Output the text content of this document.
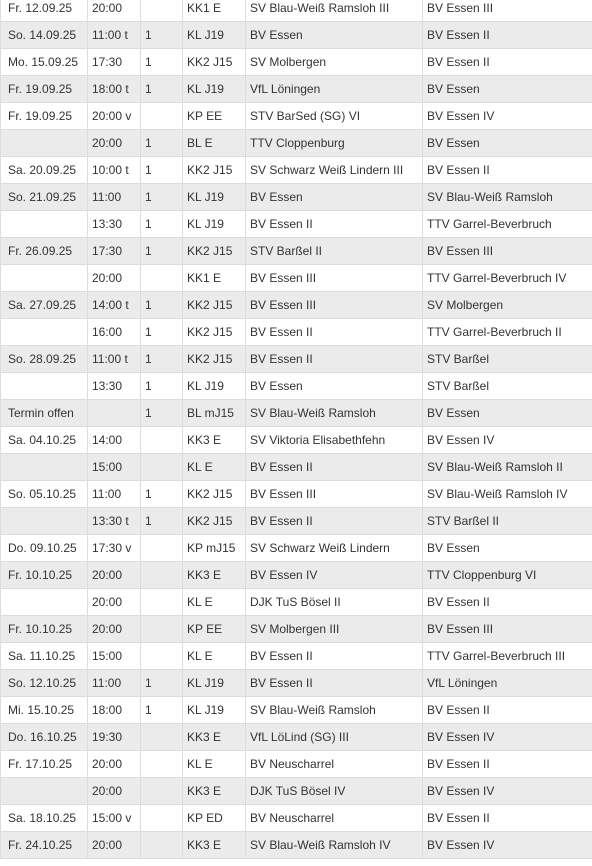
Fr. 12.09.25	20:00		KK1 E	SV Blau-Weiß Ramsloh III	BV Essen III
So. 14.09.25	11:00 t	1	KL J19	BV Essen	BV Essen II
Mo. 15.09.25	17:30	1	KK2 J15	SV Molbergen	BV Essen II
Fr. 19.09.25	18:00 t	1	KL J19	VfL Löningen	BV Essen
Fr. 19.09.25	20:00 v		KP EE	STV BarSed (SG) VI	BV Essen IV
	20:00	1	BL E	TTV Cloppenburg	BV Essen
Sa. 20.09.25	10:00 t	1	KK2 J15	SV Schwarz Weiß Lindern III	BV Essen II
So. 21.09.25	11:00	1	KL J19	BV Essen	SV Blau-Weiß Ramsloh
	13:30	1	KL J19	BV Essen II	TTV Garrel-Beverbruch
Fr. 26.09.25	17:30	1	KK2 J15	STV Barßel II	BV Essen III
	20:00		KK1 E	BV Essen III	TTV Garrel-Beverbruch IV
Sa. 27.09.25	14:00 t	1	KK2 J15	BV Essen III	SV Molbergen
	16:00	1	KK2 J15	BV Essen II	TTV Garrel-Beverbruch II
So. 28.09.25	11:00 t	1	KK2 J15	BV Essen II	STV Barßel
	13:30	1	KL J19	BV Essen	STV Barßel
Termin offen		1	BL mJ15	SV Blau-Weiß Ramsloh	BV Essen
Sa. 04.10.25	14:00		KK3 E	SV Viktoria Elisabethfehn	BV Essen IV
	15:00		KL E	BV Essen II	SV Blau-Weiß Ramsloh II
So. 05.10.25	11:00	1	KK2 J15	BV Essen III	SV Blau-Weiß Ramsloh IV
	13:30 t	1	KK2 J15	BV Essen II	STV Barßel II
Do. 09.10.25	17:30 v		KP mJ15	SV Schwarz Weiß Lindern	BV Essen
Fr. 10.10.25	20:00		KK3 E	BV Essen IV	TTV Cloppenburg VI
	20:00		KL E	DJK TuS Bösel II	BV Essen II
Fr. 10.10.25	20:00		KP EE	SV Molbergen III	BV Essen III
Sa. 11.10.25	15:00		KL E	BV Essen II	TTV Garrel-Beverbruch III
So. 12.10.25	11:00	1	KL J19	BV Essen II	VfL Löningen
Mi. 15.10.25	18:00	1	KL J19	SV Blau-Weiß Ramsloh	BV Essen II
Do. 16.10.25	19:30		KK3 E	VfL LöLind (SG) III	BV Essen IV
Fr. 17.10.25	20:00		KL E	BV Neuscharrel	BV Essen II
	20:00		KK3 E	DJK TuS Bösel IV	BV Essen IV
Sa. 18.10.25	15:00 v		KP ED	BV Neuscharrel	BV Essen II
Fr. 24.10.25	20:00		KK3 E	SV Blau-Weiß Ramsloh IV	BV Essen IV
